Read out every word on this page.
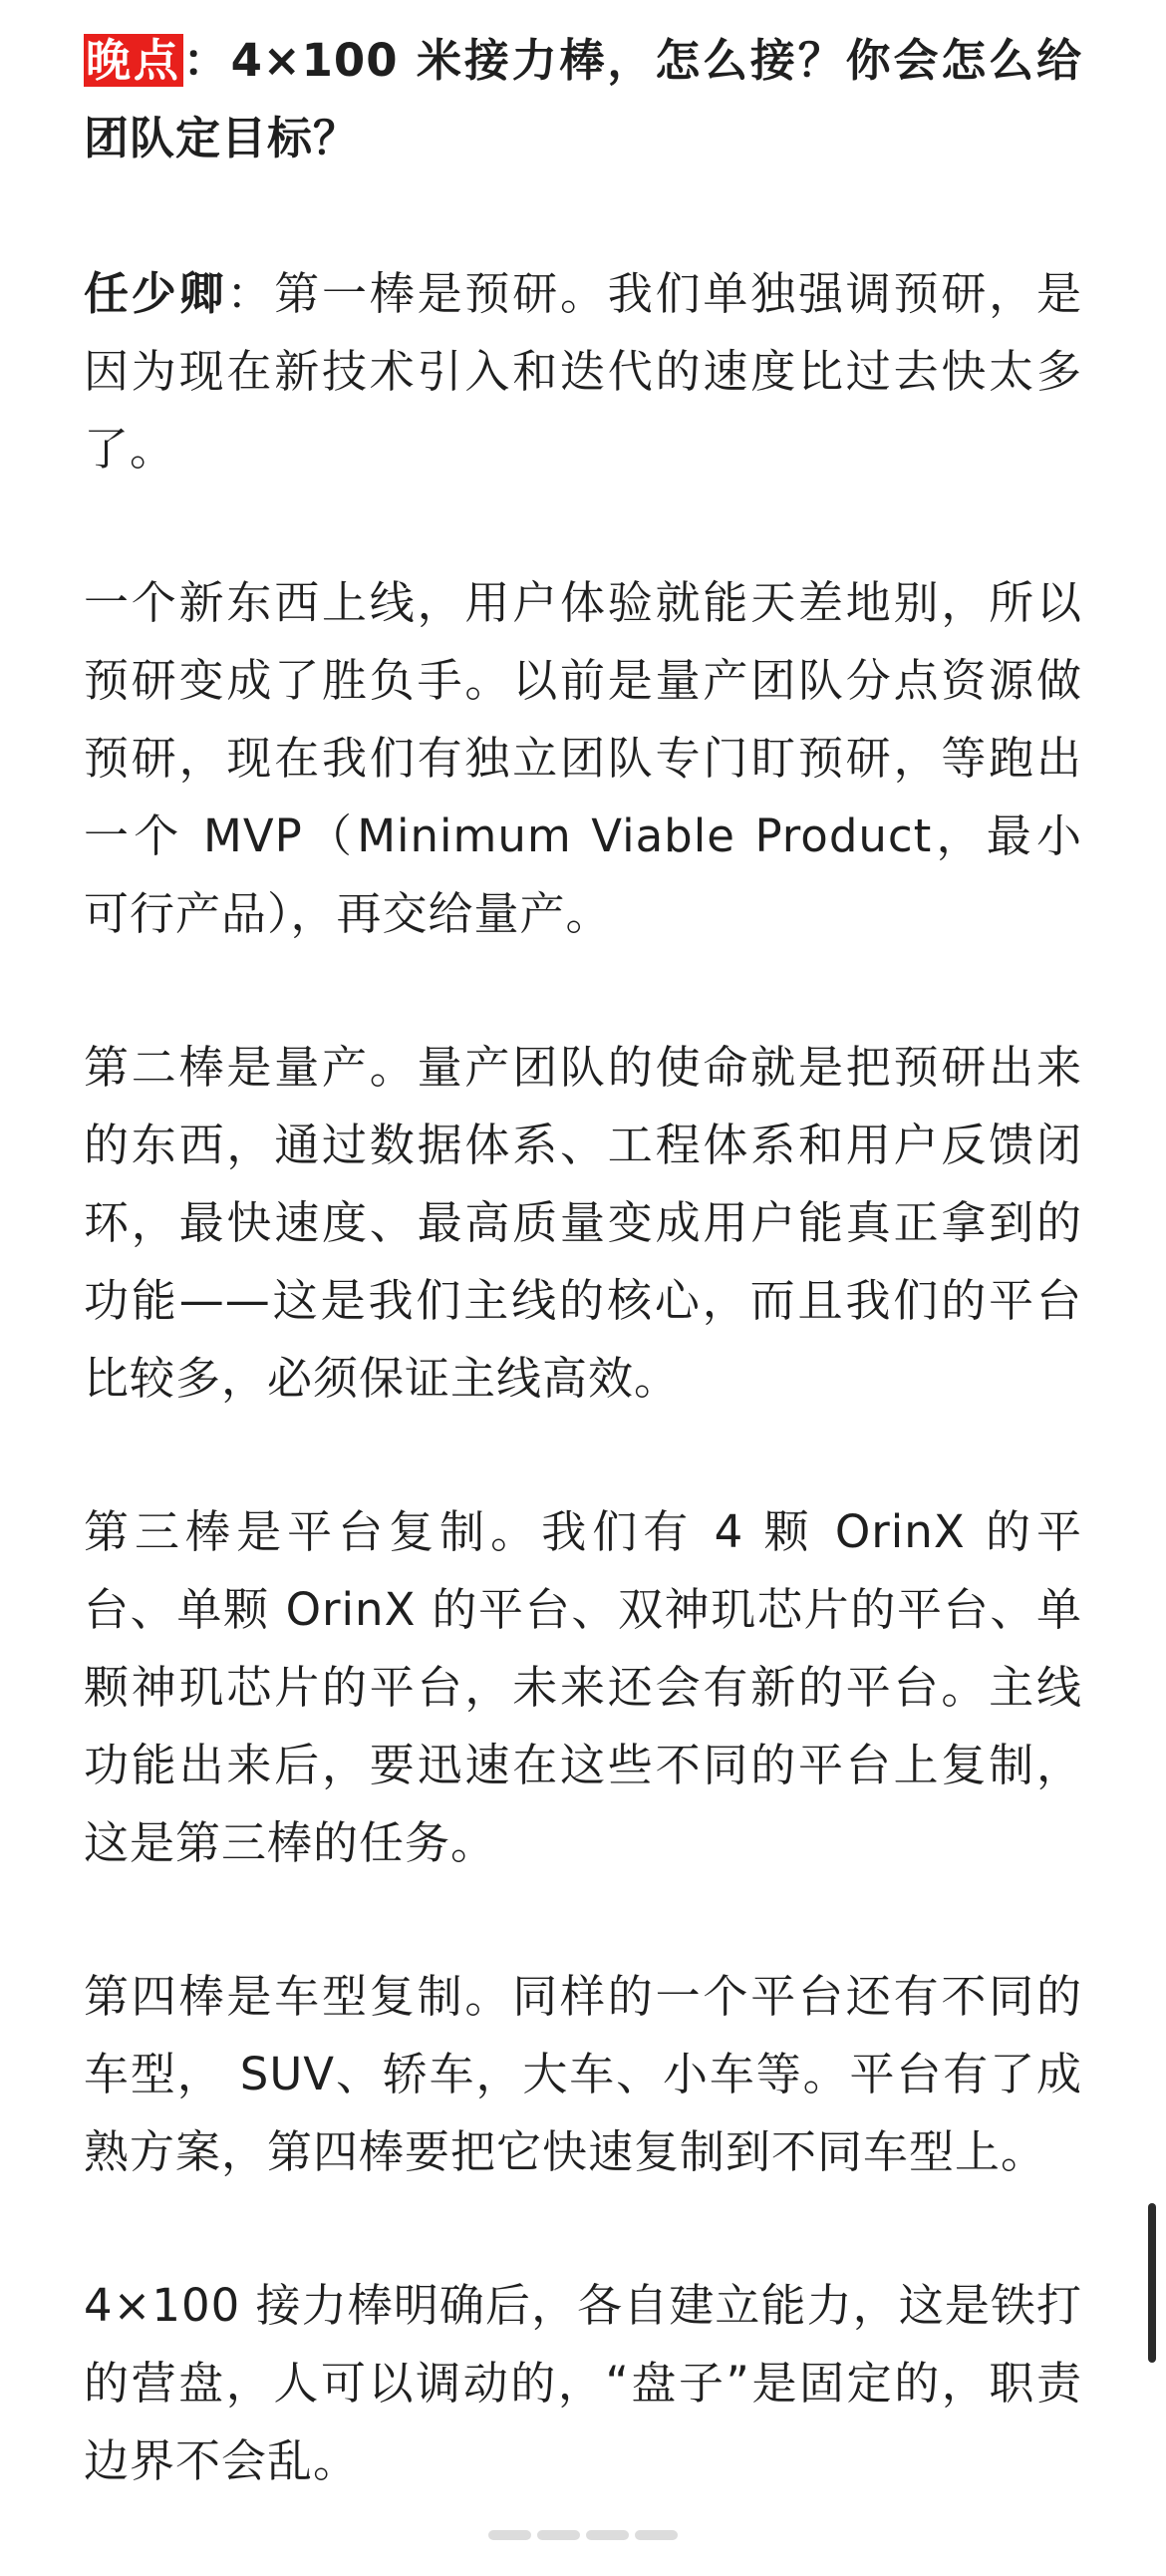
晚点：4×100 米接力棒，怎么接？你会怎么给团队定目标？

任少卿：第一棒是预研。我们单独强调预研，是因为现在新技术引入和迭代的速度比过去快太多了。

一个新东西上线，用户体验就能天差地别，所以预研变成了胜负手。以前是量产团队分点资源做预研，现在我们有独立团队专门盯预研，等跑出一个 MVP（Minimum Viable Product，最小可行产品），再交给量产。

第二棒是量产。量产团队的使命就是把预研出来的东西，通过数据体系、工程体系和用户反馈闭环，最快速度、最高质量变成用户能真正拿到的功能——这是我们主线的核心，而且我们的平台比较多，必须保证主线高效。

第三棒是平台复制。我们有 4 颗 OrinX 的平台、单颗 OrinX 的平台、双神玑芯片的平台、单颗神玑芯片的平台，未来还会有新的平台。主线功能出来后，要迅速在这些不同的平台上复制，这是第三棒的任务。

第四棒是车型复制。同样的一个平台还有不同的车型， SUV、轿车，大车、小车等。平台有了成熟方案，第四棒要把它快速复制到不同车型上。

4×100 接力棒明确后，各自建立能力，这是铁打的营盘，人可以调动的，“盘子”是固定的，职责边界不会乱。
